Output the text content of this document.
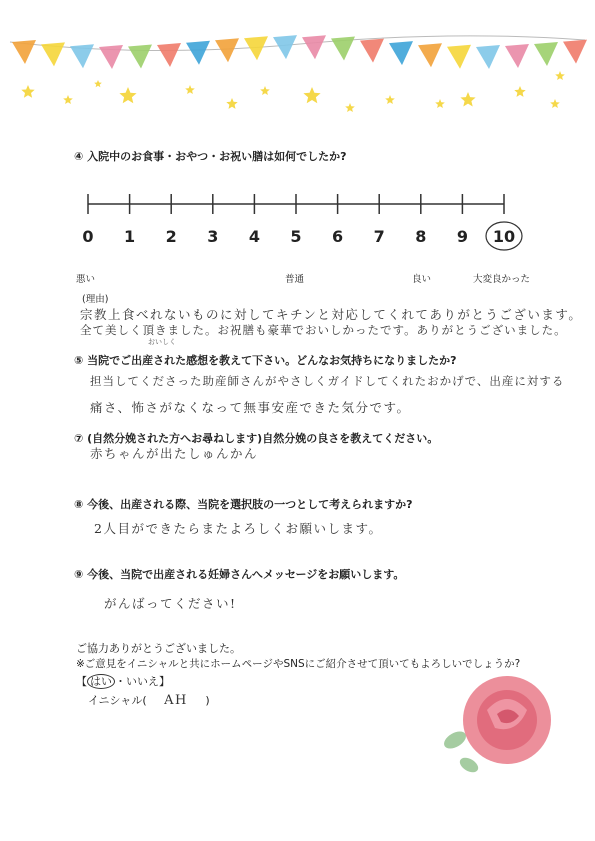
④ 入院中のお食事・おやつ・お祝い膳は如何でしたか?
0 1 2 3 4 5 6 7 8 9 10
悪い	普通	良い	大変良かった
(理由)
宗教上食べれないものに対してキチンと対応してくれてありがとうございます。
全て美しく頂きました。お祝膳も豪華でおいしかったです。ありがとうございました。
おいしく
⑤ 当院でご出産された感想を教えて下さい。どんなお気持ちになりましたか?
担当してくださった助産師さんがやさしくガイドしてくれたおかげで、出産に対する
痛さ、怖さがなくなって無事安産できた気分です。
⑦ (自然分娩された方へお尋ねします)自然分娩の良さを教えてください。
赤ちゃんが出たしゅんかん
⑧ 今後、出産される際、当院を選択肢の一つとして考えられますか?
2人目ができたらまたよろしくお願いします。
⑨ 今後、当院で出産される妊婦さんへメッセージをお願いします。
がんばってください!
ご協力ありがとうございました。
※ご意見をイニシャルと共にホームページやSNSにご紹介させて頂いてもよろしいでしょうか?
【 はい ・いいえ】
イニシャル( AH )
